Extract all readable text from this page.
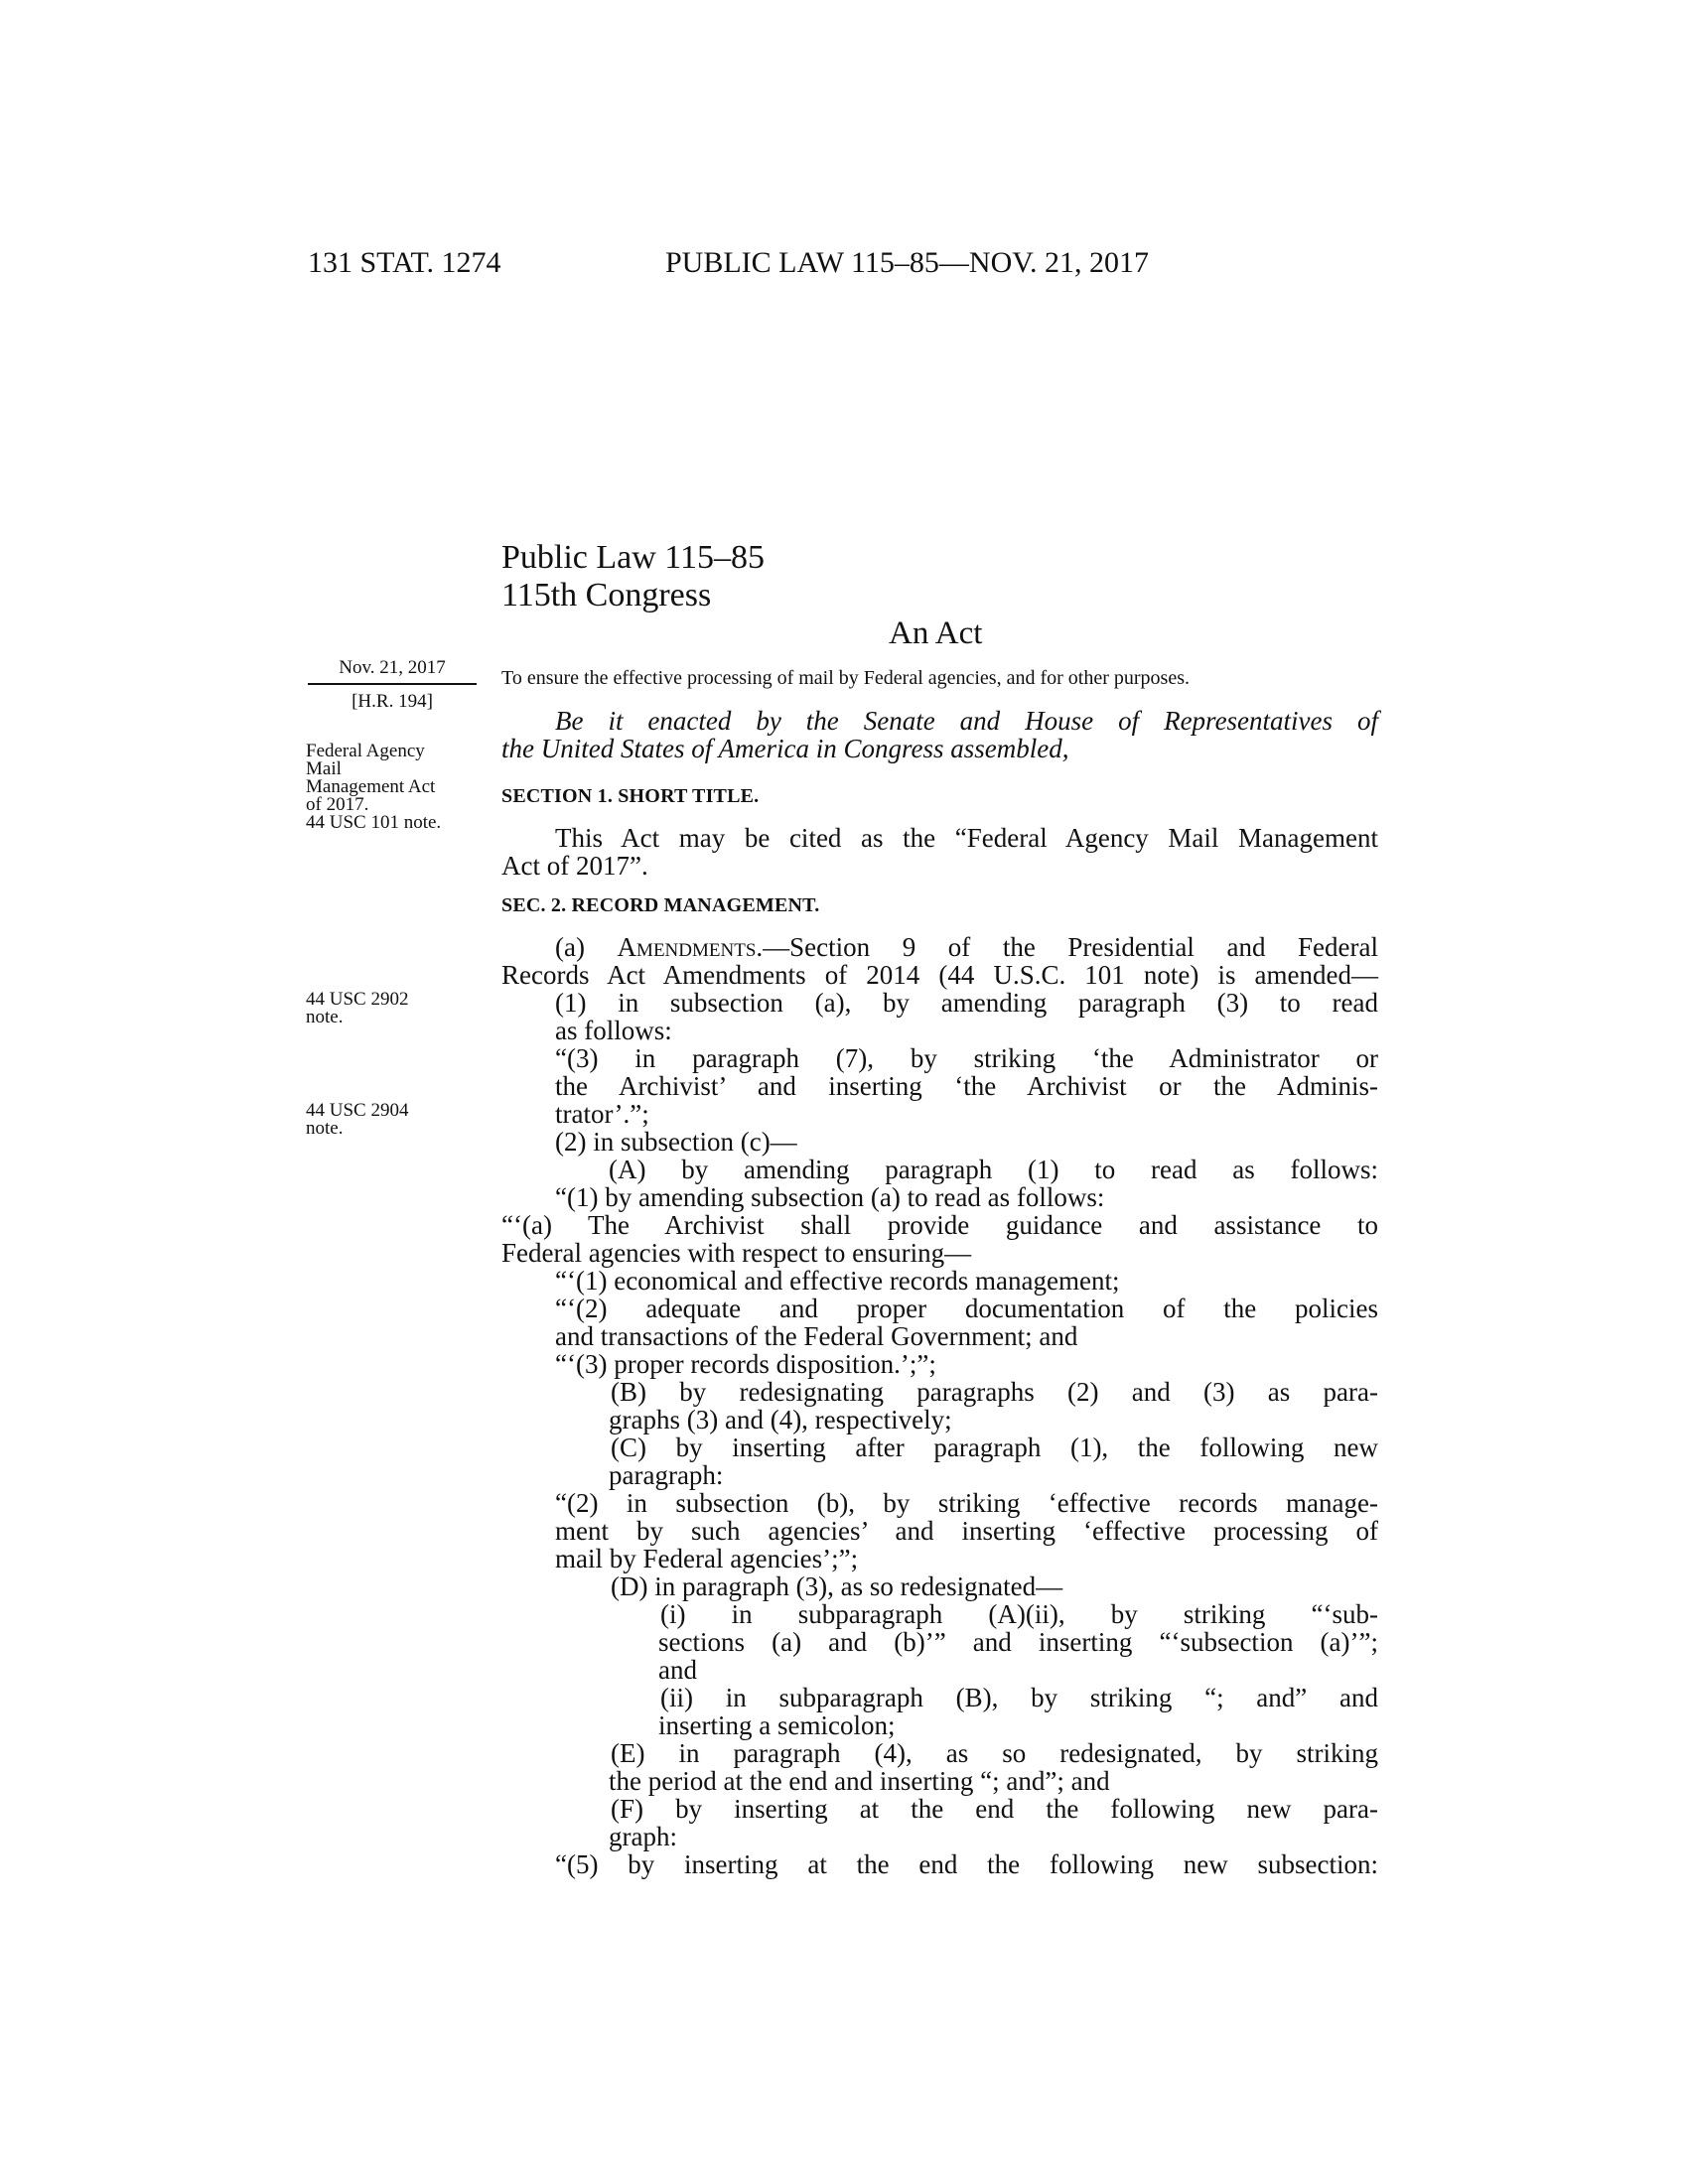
131 STAT. 1274	PUBLIC LAW 115–85—NOV. 21, 2017
Public Law 115–85
115th Congress
An Act
Nov. 21, 2017
[H.R. 194]
To ensure the effective processing of mail by Federal agencies, and for other purposes.
Federal Agency
Mail
Management Act
of 2017.
44 USC 101 note.
44 USC 2902
note.
44 USC 2904
note.

Be it enacted by the Senate and House of Representatives of

the United States of America in Congress assembled,

SECTION 1. SHORT TITLE.

This Act may be cited as the “Federal Agency Mail Management

Act of 2017”.

SEC. 2. RECORD MANAGEMENT.

(a) Amendments.—Section 9 of the Presidential and Federal

Records Act Amendments of 2014 (44 U.S.C. 101 note) is amended—

(1) in subsection (a), by amending paragraph (3) to read

as follows:

“(3) in paragraph (7), by striking ‘the Administrator or

the Archivist’ and inserting ‘the Archivist or the Adminis-

trator’.”;

(2) in subsection (c)—

(A) by amending paragraph (1) to read as follows:

“(1) by amending subsection (a) to read as follows:

“‘(a) The Archivist shall provide guidance and assistance to

Federal agencies with respect to ensuring—

“‘(1) economical and effective records management;

“‘(2) adequate and proper documentation of the policies

and transactions of the Federal Government; and

“‘(3) proper records disposition.’;”;

(B) by redesignating paragraphs (2) and (3) as para-

graphs (3) and (4), respectively;

(C) by inserting after paragraph (1), the following new

paragraph:

“(2) in subsection (b), by striking ‘effective records manage-

ment by such agencies’ and inserting ‘effective processing of

mail by Federal agencies’;”;

(D) in paragraph (3), as so redesignated—

(i) in subparagraph (A)(ii), by striking “‘sub-

sections (a) and (b)’” and inserting “‘subsection (a)’”;

and

(ii) in subparagraph (B), by striking “; and” and

inserting a semicolon;

(E) in paragraph (4), as so redesignated, by striking

the period at the end and inserting “; and”; and

(F) by inserting at the end the following new para-

graph:

“(5) by inserting at the end the following new subsection:
